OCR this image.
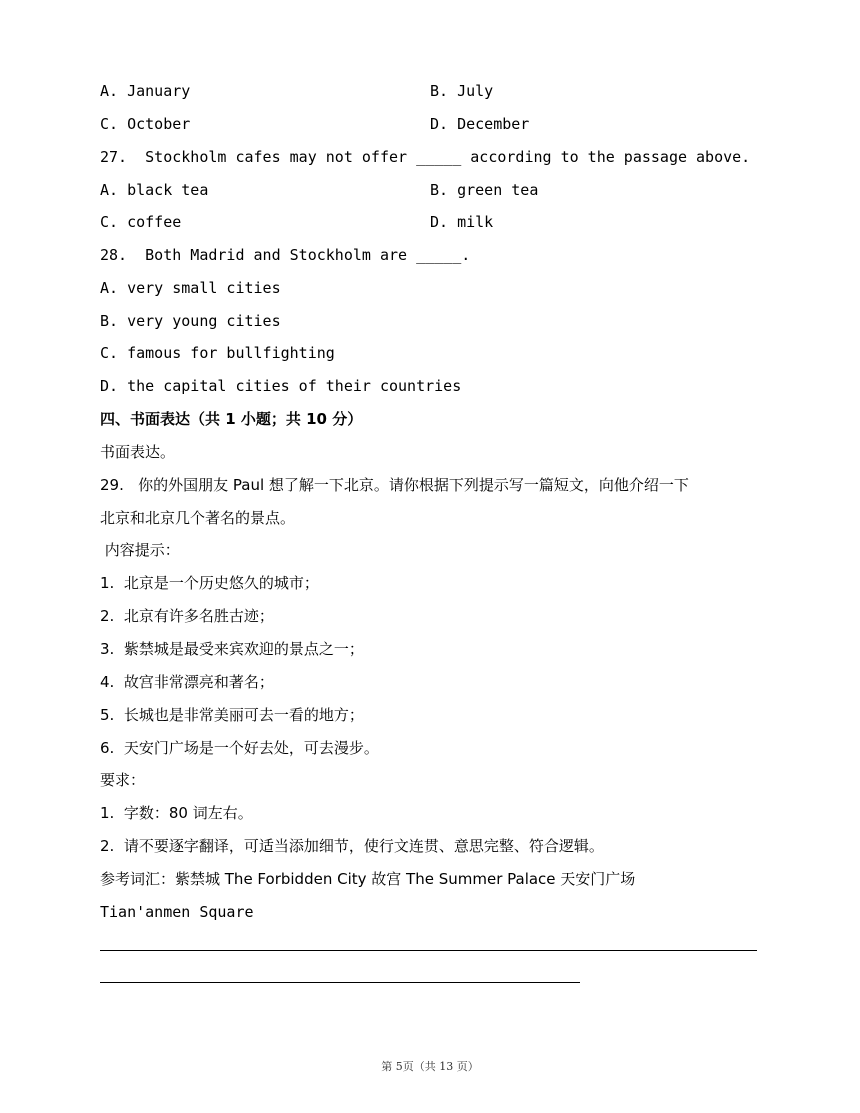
A. January	B. July
C. October	D. December
27.  Stockholm cafes may not offer _____ according to the passage above.
A. black tea	B. green tea
C. coffee	D. milk
28.  Both Madrid and Stockholm are _____.
A. very small cities
B. very young cities
C. famous for bullfighting
D. the capital cities of their countries
四、书面表达（共 1 小题；共 10 分）
书面表达。
29.   你的外国朋友 Paul 想了解一下北京。请你根据下列提示写一篇短文，向他介绍一下
北京和北京几个著名的景点。
内容提示：
1.  北京是一个历史悠久的城市；
2.  北京有许多名胜古迹；
3.  紫禁城是最受来宾欢迎的景点之一；
4.  故宫非常漂亮和著名；
5.  长城也是非常美丽可去一看的地方；
6.  天安门广场是一个好去处，可去漫步。
要求：
1.  字数：80 词左右。
2.  请不要逐字翻译，可适当添加细节，使行文连贯、意思完整、符合逻辑。
参考词汇：紫禁城 The Forbidden City 故宫 The Summer Palace 天安门广场
Tian'anmen Square
第 5页（共 13 页）
